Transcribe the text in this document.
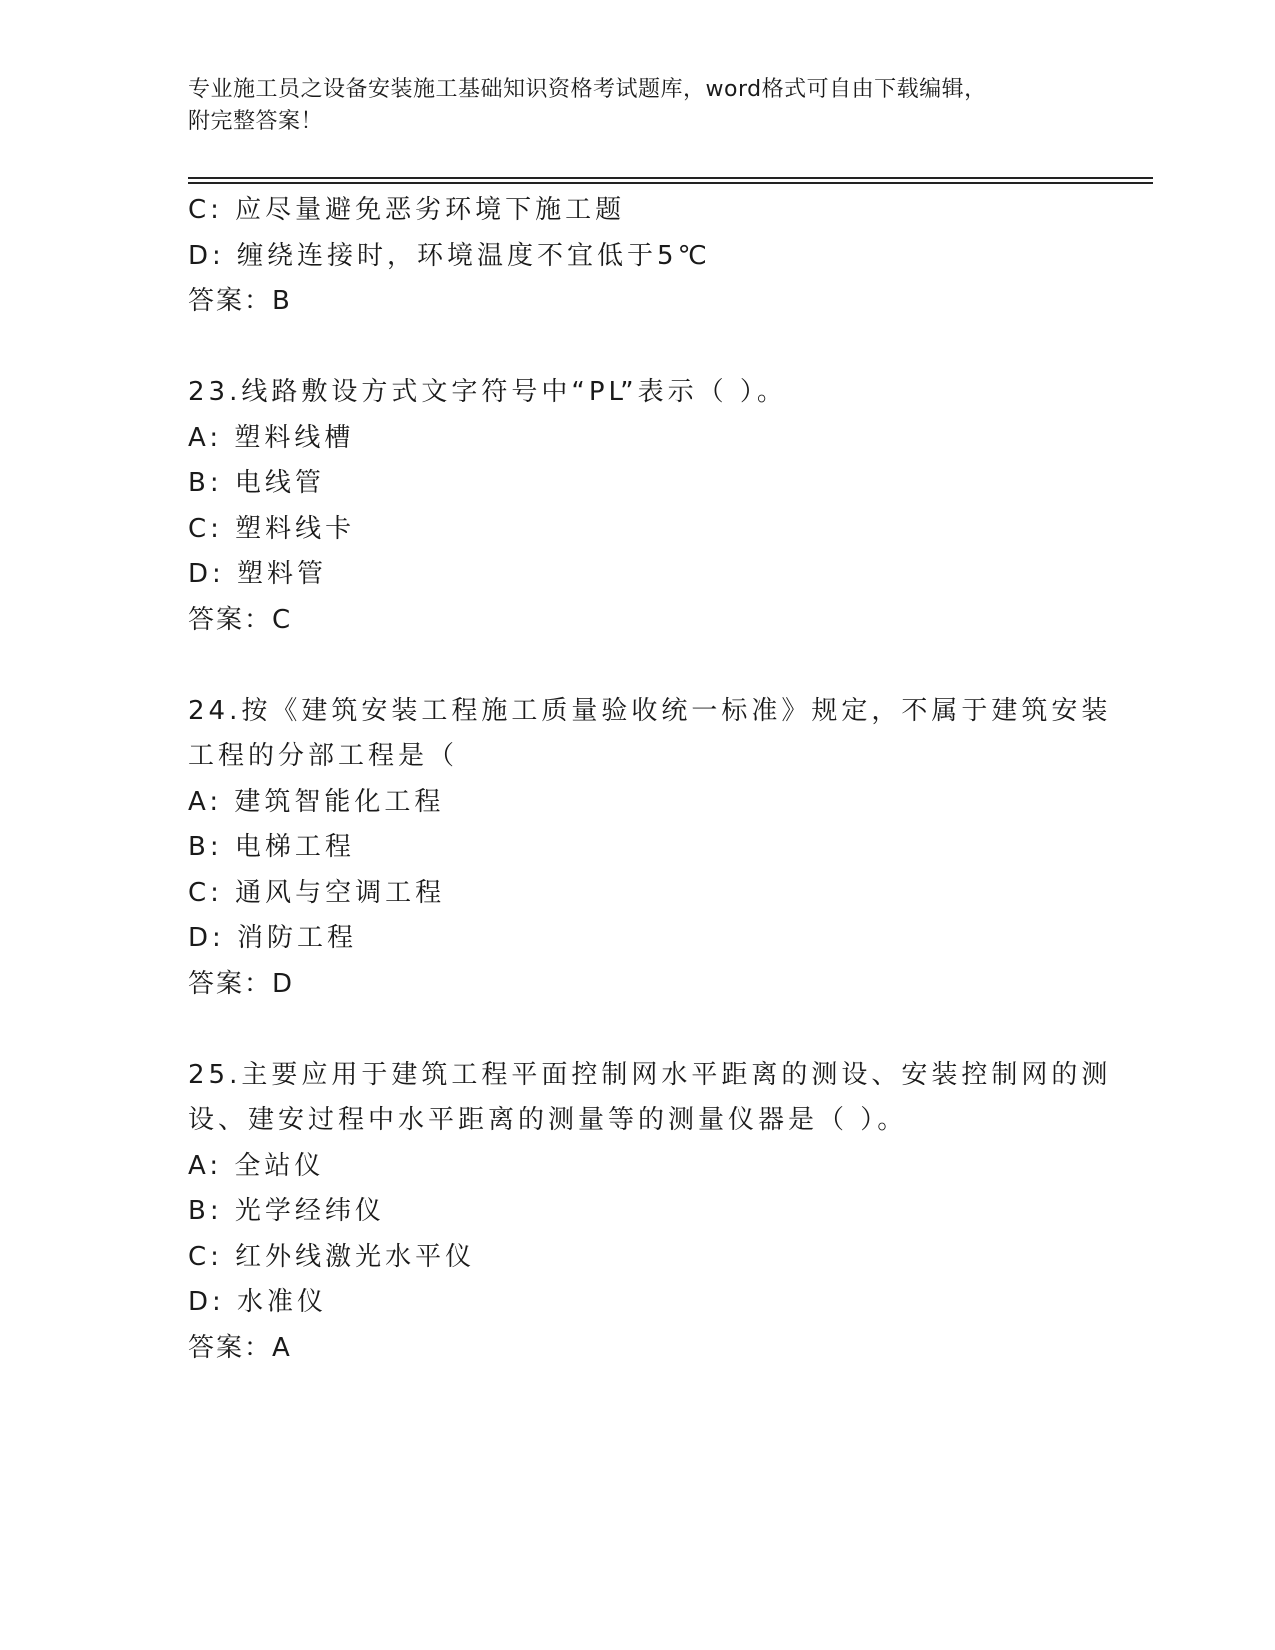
专业施工员之设备安装施工基础知识资格考试题库，word格式可自由下载编辑，
附完整答案！
C: 应尽量避免恶劣环境下施工题
D: 缠绕连接时，环境温度不宜低于5℃
答案：B
23.线路敷设方式文字符号中“PL”表示（ ）。
A: 塑料线槽
B: 电线管
C: 塑料线卡
D: 塑料管
答案：C
24.按《建筑安装工程施工质量验收统一标准》规定，不属于建筑安装
工程的分部工程是（
A: 建筑智能化工程
B: 电梯工程
C: 通风与空调工程
D: 消防工程
答案：D
25.主要应用于建筑工程平面控制网水平距离的测设、安装控制网的测
设、建安过程中水平距离的测量等的测量仪器是（ ）。
A: 全站仪
B: 光学经纬仪
C: 红外线激光水平仪
D: 水准仪
答案：A
